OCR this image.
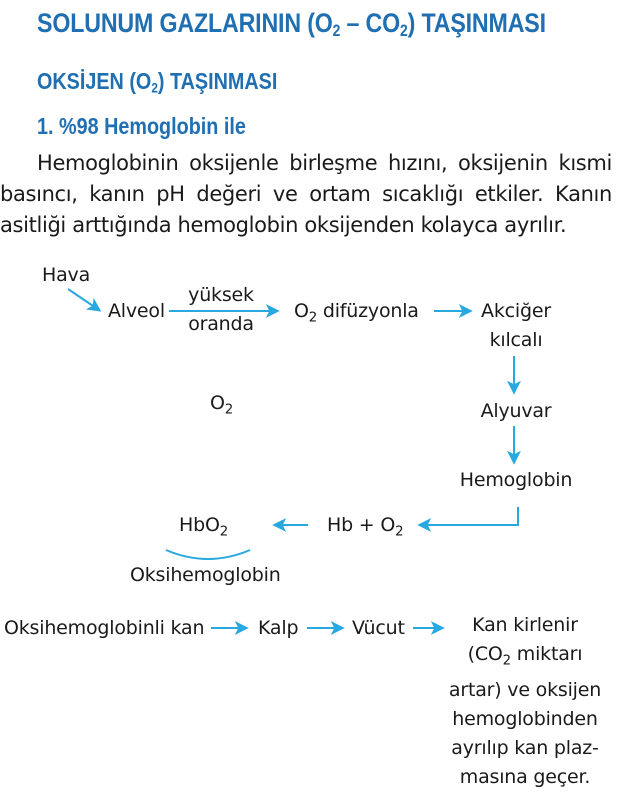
SOLUNUM GAZLARININ $(O_2 - CO_2)$ TAŞINMASI
OKSİJEN $(O_2)$ TAŞINMASI
1. %98 Hemoglobin ile

Hemoglobinin oksijenle birleşme hızını, oksijenin kısmi basıncı, kanın pH değeri ve ortam sıcaklığı etkiler. Kanın asitliği arttığında hemoglobin oksijenden kolayca ayrılır.

Hava
Alveol
yüksek
oranda
$O_2$ difüzyonla	Akciğer
kılcalı
$O_2$	Alyuvar
Hemoglobin
$Hb + O_2$
HbO$_2$
Oksihemoglobin
Oksihemoglobinli kan	Kalp	Vücut	Kan kirlenir
($CO_2$ miktarı
artar) ve oksijen
hemoglobinden
ayrılıp kan plaz-
masına geçer.
